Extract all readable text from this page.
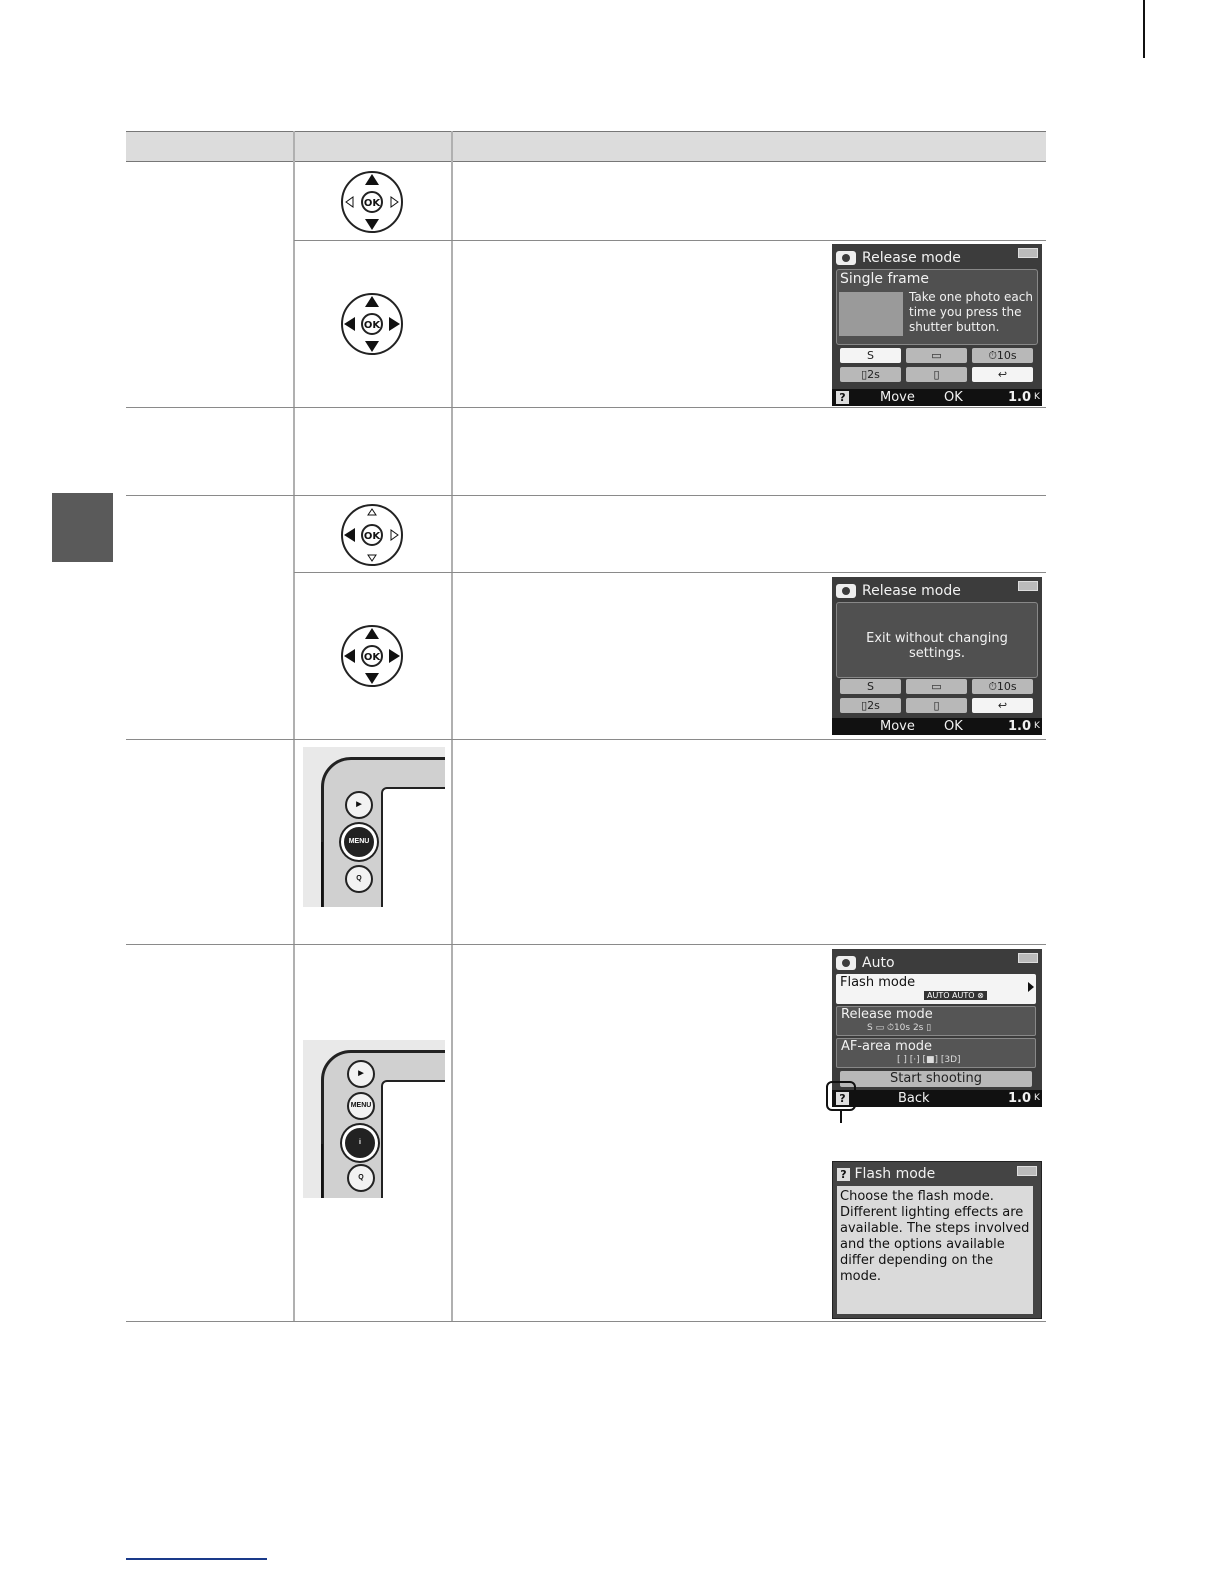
OK
OK
OK
OK
▶
MENU
Q
▶
MENU
i
Q
Release mode
Single frame
Take one photo each time you press the shutter button.
S	▭	⏱10s
▯2s	▯	↩
?	Move OK	1.0 K
Release mode
Exit without changing settings.
S	▭	⏱10s
▯2s	▯	↩
Move OK	1.0 K
Auto
Flash mode
AUTO AUTO ⊗
Release mode
S ▭ ⏱10s 2s ▯
AF-area mode
[ ] [·] [■] [3D]
Start shooting
?	Back	1.0 K
? Flash mode
Choose the flash mode. Different lighting effects are available. The steps involved and the options available differ depending on the mode.
